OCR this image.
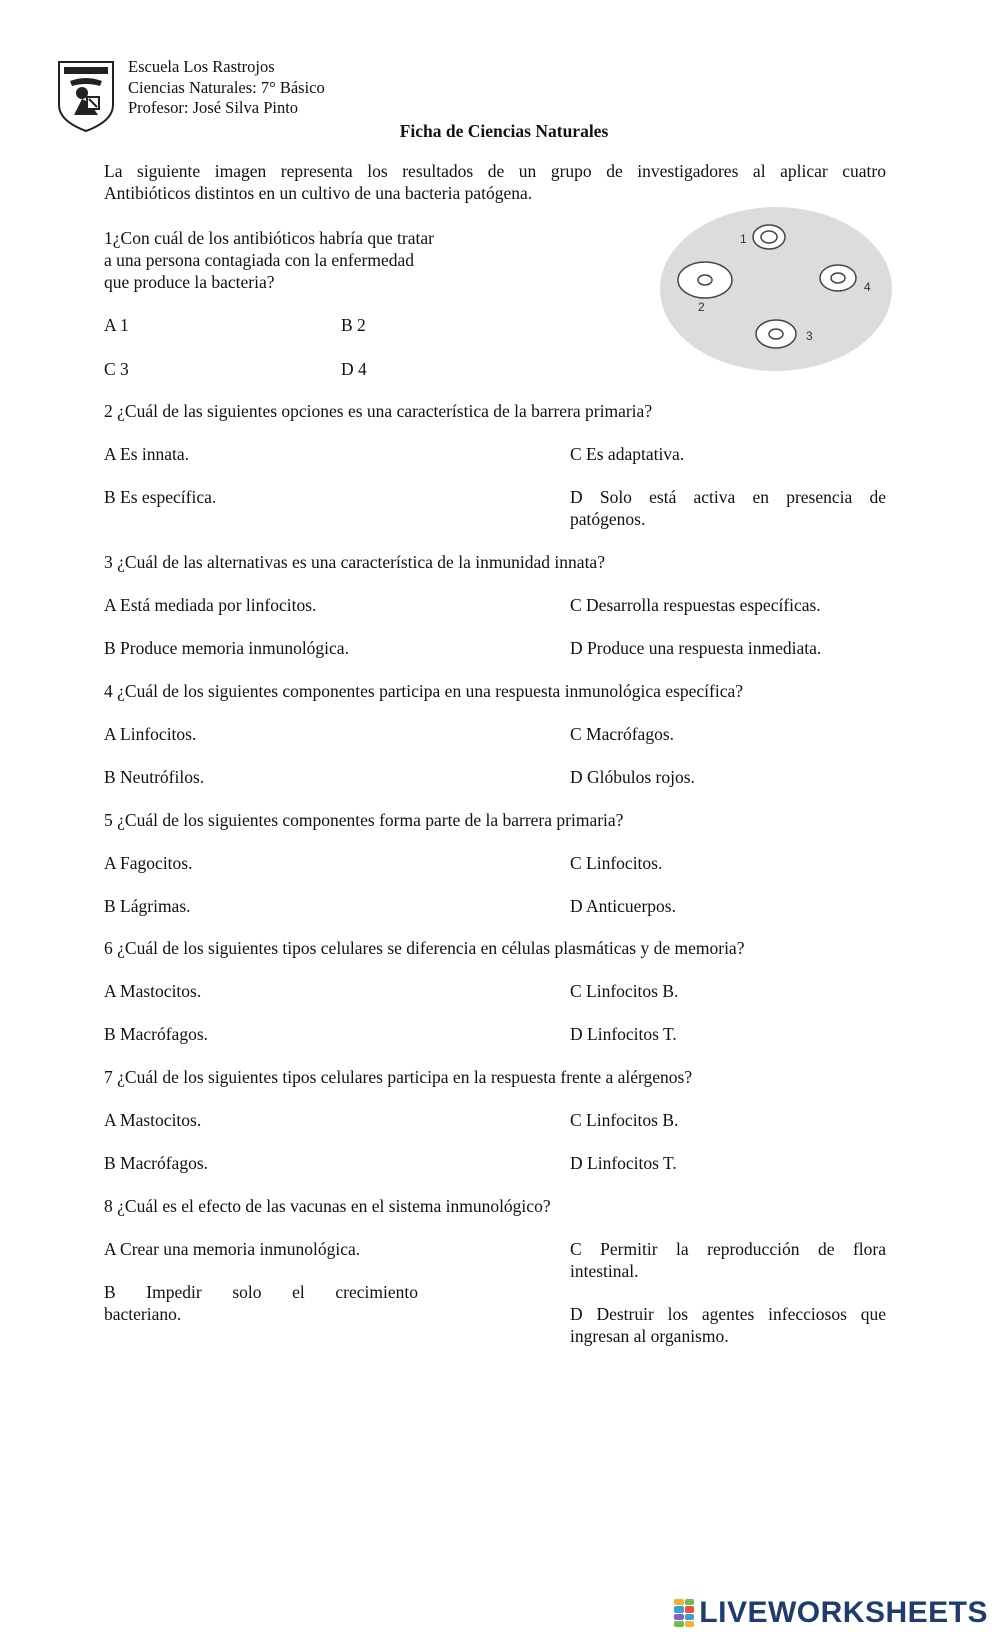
Escuela Los Rastrojos
Ciencias Naturales: 7° Básico
Profesor: José Silva Pinto
Ficha de Ciencias Naturales
La siguiente imagen representa los resultados de un grupo de investigadores al aplicar cuatro
Antibióticos distintos en un cultivo de una bacteria patógena.
1¿Con cuál de los antibióticos habría que tratar
a una persona contagiada con la enfermedad
que produce la bacteria?
A 1	B 2
C 3	D 4
1
2
3
4
2 ¿Cuál de las siguientes opciones es una característica de la barrera primaria?
A Es innata.	C Es adaptativa.
B Es específica.	D Solo está activa en presencia de
patógenos.
3 ¿Cuál de las alternativas es una característica de la inmunidad innata?
A Está mediada por linfocitos.	C Desarrolla respuestas específicas.
B Produce memoria inmunológica.	D Produce una respuesta inmediata.
4 ¿Cuál de los siguientes componentes participa en una respuesta inmunológica específica?
A Linfocitos.	C Macrófagos.
B Neutrófilos.	D Glóbulos rojos.
5 ¿Cuál de los siguientes componentes forma parte de la barrera primaria?
A Fagocitos.	C Linfocitos.
B Lágrimas.	D Anticuerpos.
6 ¿Cuál de los siguientes tipos celulares se diferencia en células plasmáticas y de memoria?
A Mastocitos.	C Linfocitos B.
B Macrófagos.	D Linfocitos T.
7 ¿Cuál de los siguientes tipos celulares participa en la respuesta frente a alérgenos?
A Mastocitos.	C Linfocitos B.
B Macrófagos.	D Linfocitos T.
8 ¿Cuál es el efecto de las vacunas en el sistema inmunológico?
A Crear una memoria inmunológica.	C Permitir la reproducción de flora
intestinal.
B Impedir solo el crecimiento
bacteriano.	D Destruir los agentes infecciosos que
ingresan al organismo.
LIVEWORKSHEETS
